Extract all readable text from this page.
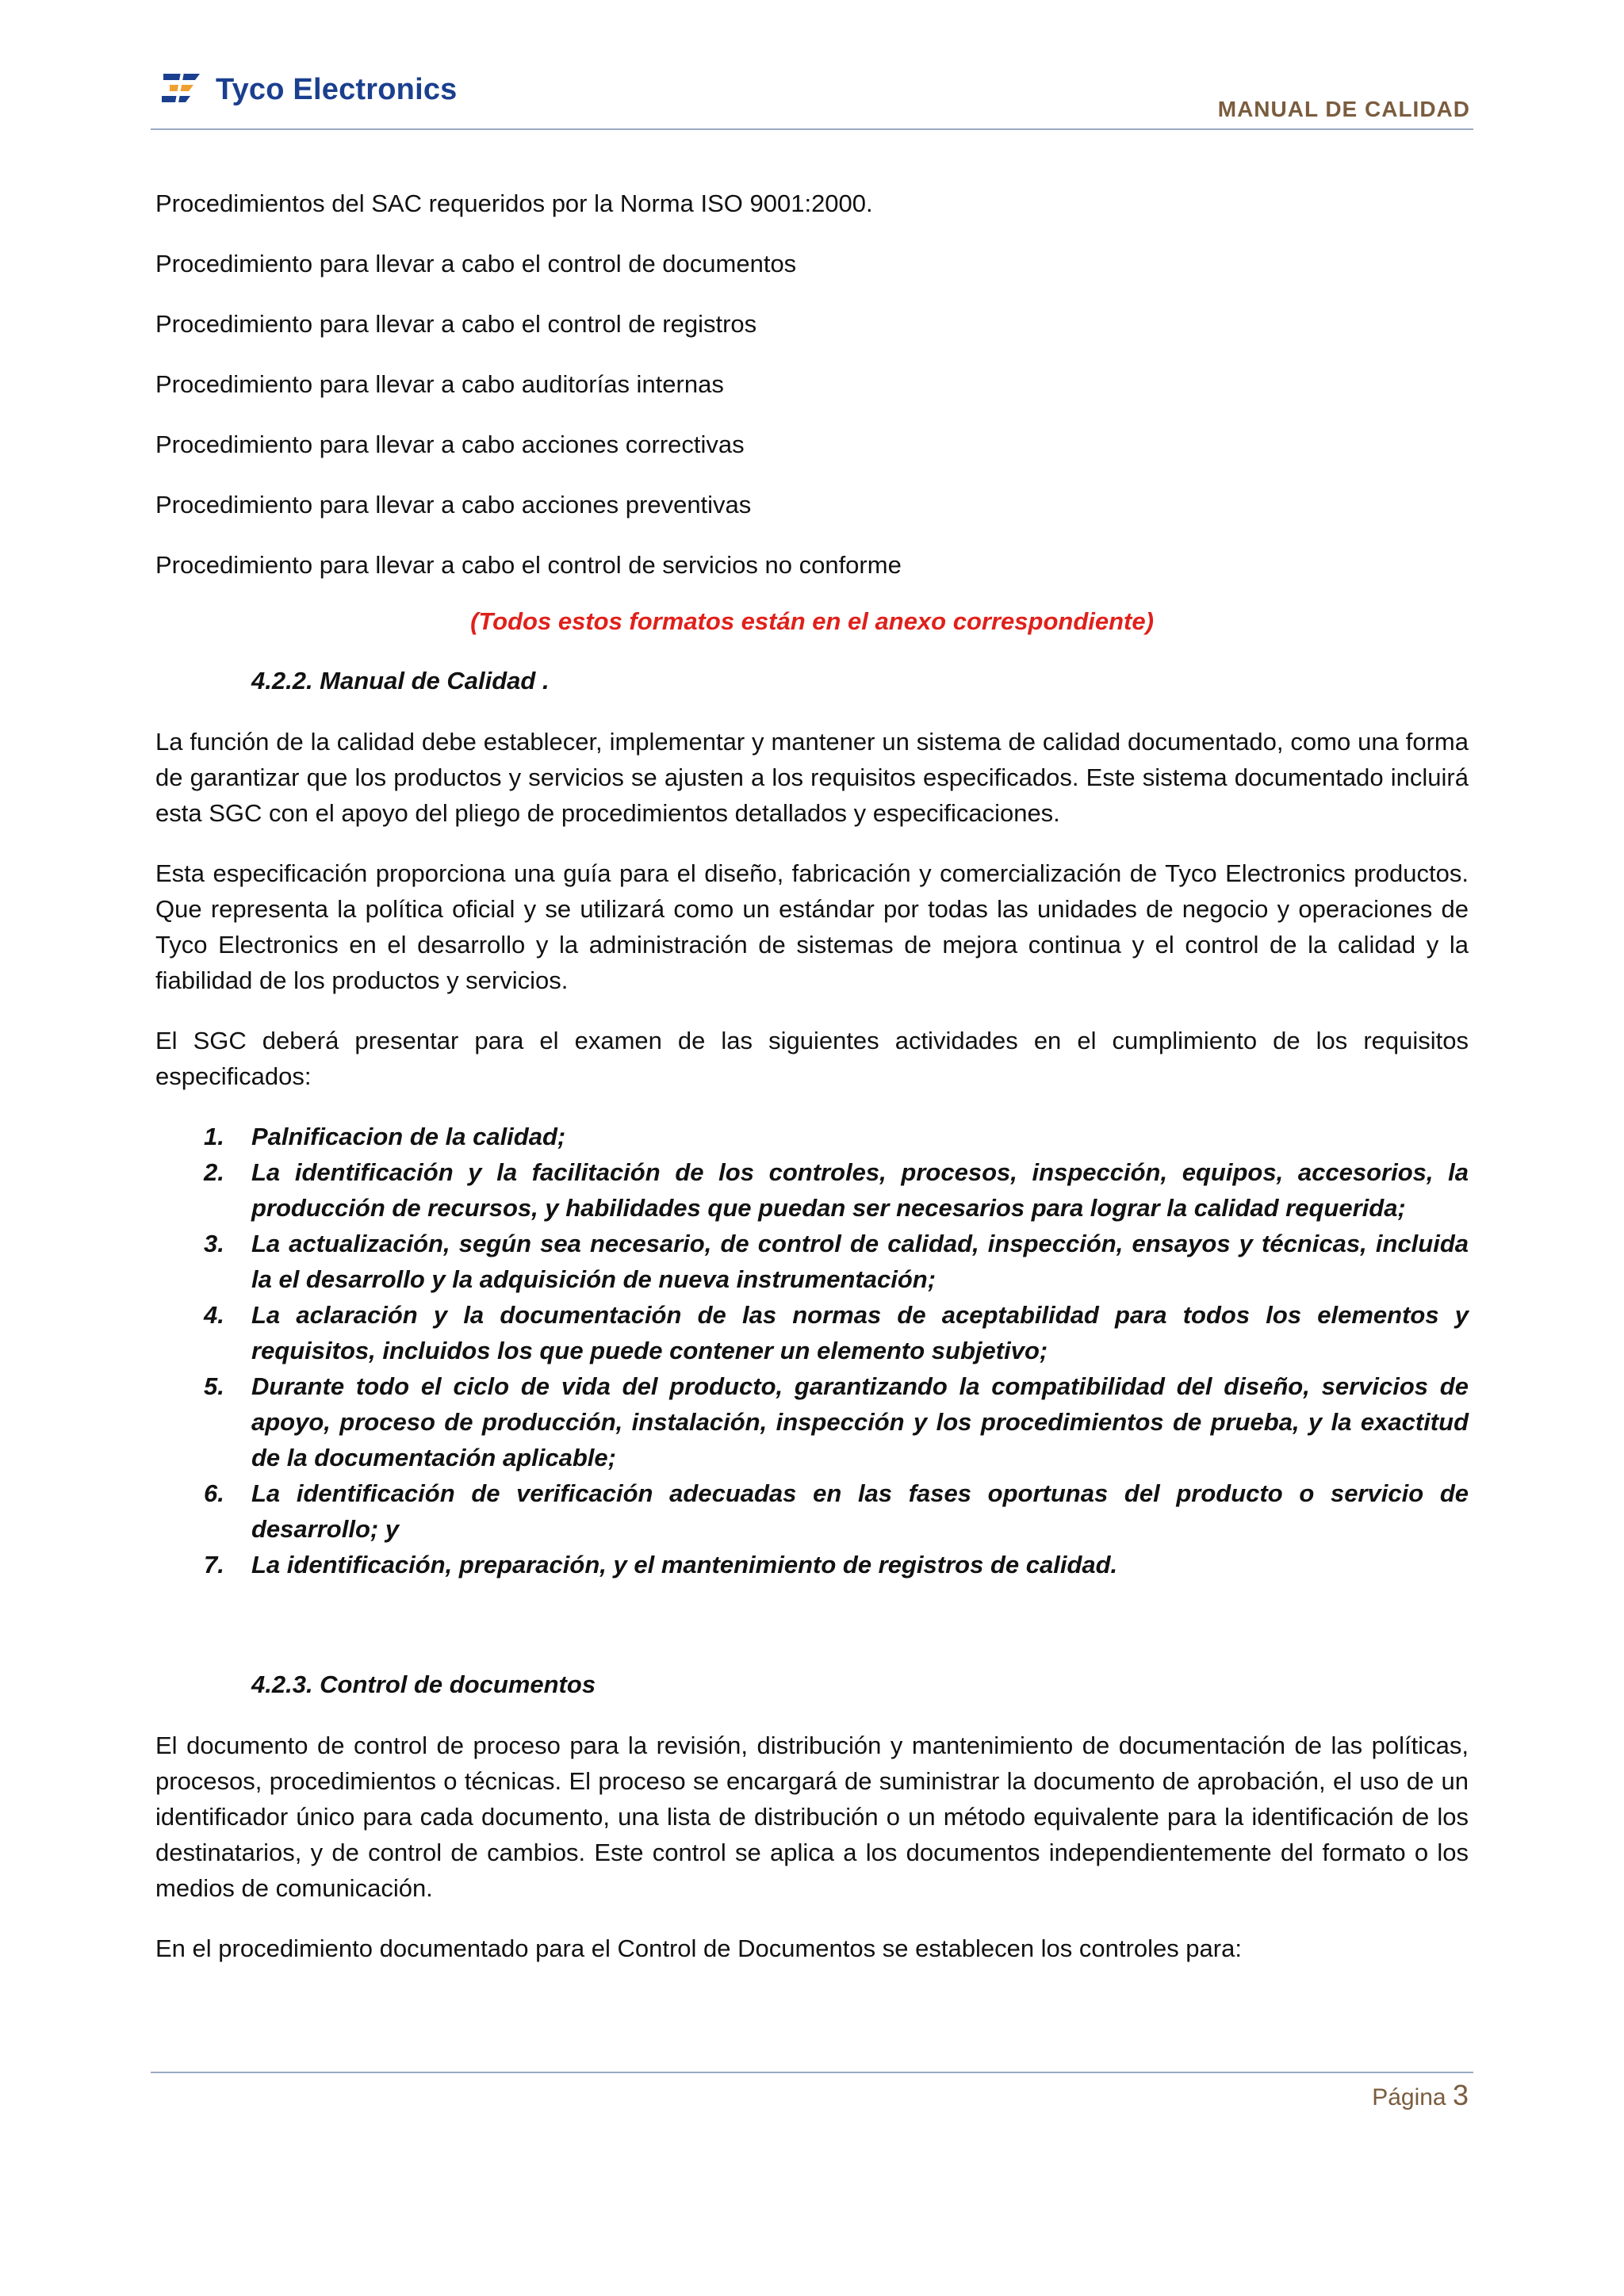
Tyco Electronics
MANUAL DE CALIDAD

Procedimientos del SAC requeridos por la Norma ISO 9001:2000.

Procedimiento para llevar a cabo el control de documentos

Procedimiento para llevar a cabo el control de registros

Procedimiento para llevar a cabo auditorías internas

Procedimiento para llevar a cabo acciones correctivas

Procedimiento para llevar a cabo acciones preventivas

Procedimiento para llevar a cabo el control de servicios no conforme

(Todos estos formatos están en el anexo correspondiente)

4.2.2. Manual de Calidad .

La función de la calidad debe establecer, implementar y mantener un sistema de calidad documentado, como una forma de garantizar que los productos y servicios se ajusten a los requisitos especificados. Este sistema documentado incluirá esta SGC con el apoyo del pliego de procedimientos detallados y especificaciones.

Esta especificación proporciona una guía para el diseño, fabricación y comercialización de Tyco Electronics productos. Que representa la política oficial y se utilizará como un estándar por todas las unidades de negocio y operaciones de Tyco Electronics en el desarrollo y la administración de sistemas de mejora continua y el control de la calidad y la fiabilidad de los productos y servicios.

El SGC deberá presentar para el examen de las siguientes actividades en el cumplimiento de los requisitos especificados:

1.	Palnificacion de la calidad;
2.	La identificación y la facilitación de los controles, procesos, inspección, equipos, accesorios, la producción de recursos, y habilidades que puedan ser necesarios para lograr la calidad requerida;
3.	La actualización, según sea necesario, de control de calidad, inspección, ensayos y técnicas, incluida la el desarrollo y la adquisición de nueva instrumentación;
4.	La aclaración y la documentación de las normas de aceptabilidad para todos los elementos y requisitos, incluidos los que puede contener un elemento subjetivo;
5.	Durante todo el ciclo de vida del producto, garantizando la compatibilidad del diseño, servicios de apoyo, proceso de producción, instalación, inspección y los procedimientos de prueba, y la exactitud de la documentación aplicable;
6.	La identificación de verificación adecuadas en las fases oportunas del producto o servicio de desarrollo; y
7.	La identificación, preparación, y el mantenimiento de registros de calidad.

4.2.3. Control de documentos

El documento de control de proceso para la revisión, distribución y mantenimiento de documentación de las políticas, procesos, procedimientos o técnicas. El proceso se encargará de suministrar la documento de aprobación, el uso de un identificador único para cada documento, una lista de distribución o un método equivalente para la identificación de los destinatarios, y de control de cambios. Este control se aplica a los documentos independientemente del formato o los medios de comunicación.

En el procedimiento documentado para el Control de Documentos se establecen los controles para:

Página 3
